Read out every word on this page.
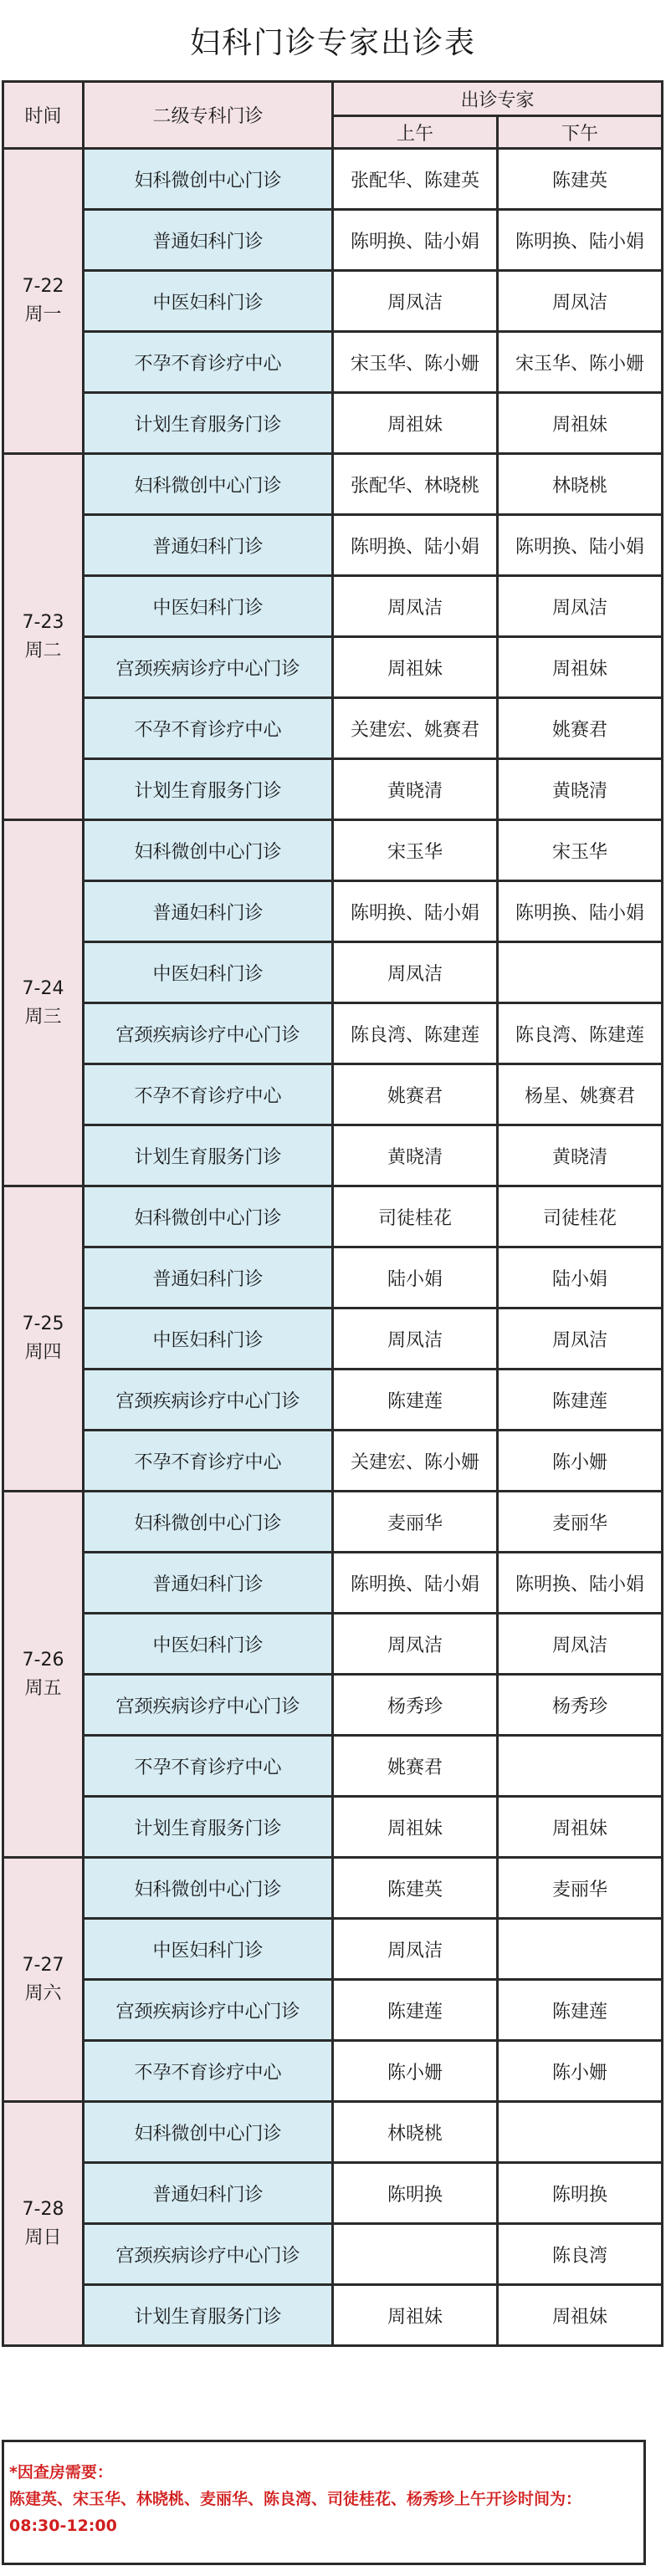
妇科门诊专家出诊表
时间	二级专科门诊	出诊专家	
		上午	下午

7-22
周一	妇科微创中心门诊	张配华、陈建英	陈建英
	普通妇科门诊	陈明换、陆小娟	陈明换、陆小娟
	中医妇科门诊	周凤洁	周凤洁
	不孕不育诊疗中心	宋玉华、陈小姗	宋玉华、陈小姗
	计划生育服务门诊	周祖妹	周祖妹

7-23
周二	妇科微创中心门诊	张配华、林晓桃	林晓桃
	普通妇科门诊	陈明换、陆小娟	陈明换、陆小娟
	中医妇科门诊	周凤洁	周凤洁
	宫颈疾病诊疗中心门诊	周祖妹	周祖妹
	不孕不育诊疗中心	关建宏、姚赛君	姚赛君
	计划生育服务门诊	黄晓清	黄晓清

7-24
周三	妇科微创中心门诊	宋玉华	宋玉华
	普通妇科门诊	陈明换、陆小娟	陈明换、陆小娟
	中医妇科门诊	周凤洁	
	宫颈疾病诊疗中心门诊	陈良湾、陈建莲	陈良湾、陈建莲
	不孕不育诊疗中心	姚赛君	杨星、姚赛君
	计划生育服务门诊	黄晓清	黄晓清

7-25
周四	妇科微创中心门诊	司徒桂花	司徒桂花
	普通妇科门诊	陆小娟	陆小娟
	中医妇科门诊	周凤洁	周凤洁
	宫颈疾病诊疗中心门诊	陈建莲	陈建莲
	不孕不育诊疗中心	关建宏、陈小姗	陈小姗

7-26
周五	妇科微创中心门诊	麦丽华	麦丽华
	普通妇科门诊	陈明换、陆小娟	陈明换、陆小娟
	中医妇科门诊	周凤洁	周凤洁
	宫颈疾病诊疗中心门诊	杨秀珍	杨秀珍
	不孕不育诊疗中心	姚赛君	
	计划生育服务门诊	周祖妹	周祖妹

7-27
周六	妇科微创中心门诊	陈建英	麦丽华
	中医妇科门诊	周凤洁	
	宫颈疾病诊疗中心门诊	陈建莲	陈建莲
	不孕不育诊疗中心	陈小姗	陈小姗

7-28
周日	妇科微创中心门诊	林晓桃	
	普通妇科门诊	陈明换	陈明换
	宫颈疾病诊疗中心门诊		陈良湾
	计划生育服务门诊	周祖妹	周祖妹
*因查房需要：
陈建英、宋玉华、林晓桃、麦丽华、陈良湾、司徒桂花、杨秀珍上午开诊时间为：08:30-12:00
